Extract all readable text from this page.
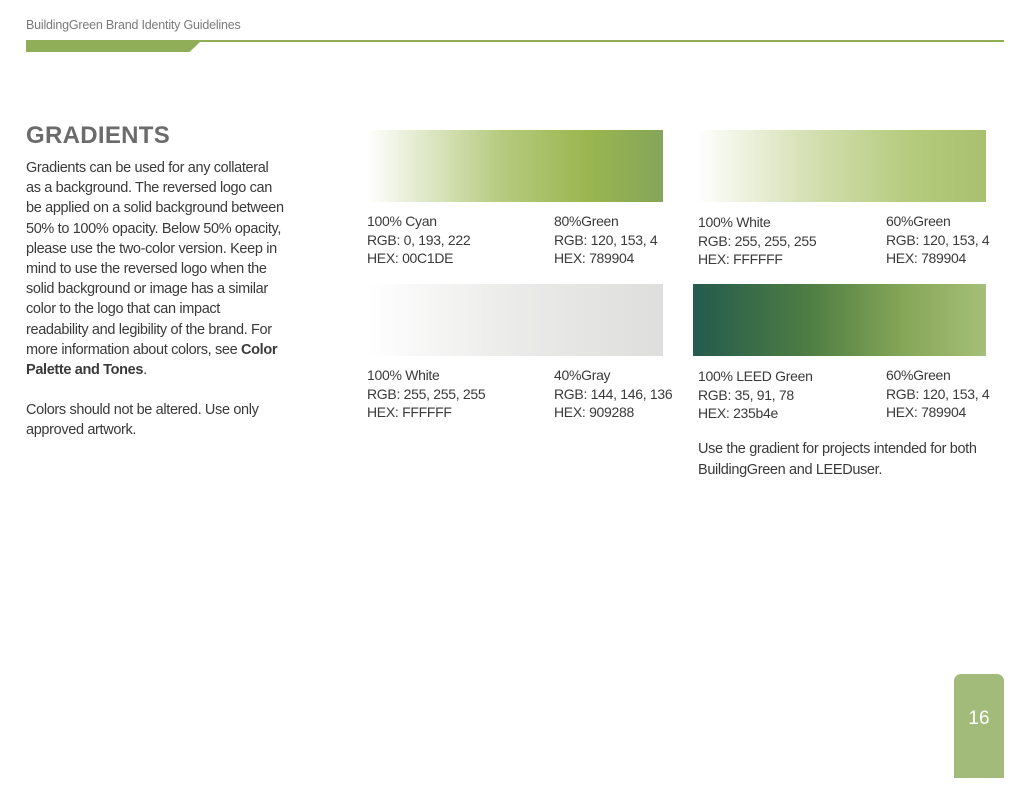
BuildingGreen Brand Identity Guidelines
GRADIENTS

Gradients can be used for any collateral as a background. The reversed logo can be applied on a solid background between 50% to 100% opacity. Below 50% opacity, please use the two-color version. Keep in mind to use the reversed logo when the solid background or image has a similar color to the logo that can impact readability and legibility of the brand. For more information about colors, see Color Palette and Tones.

Colors should not be altered. Use only approved artwork.

100% Cyan
RGB: 0, 193, 222
HEX: 00C1DE
80%Green
RGB: 120, 153, 4
HEX: 789904
100% White
RGB: 255, 255, 255
HEX: FFFFFF
60%Green
RGB: 120, 153, 4
HEX: 789904
100% White
RGB: 255, 255, 255
HEX: FFFFFF
40%Gray
RGB: 144, 146, 136
HEX: 909288
100% LEED Green
RGB: 35, 91, 78
HEX: 235b4e
60%Green
RGB: 120, 153, 4
HEX: 789904

Use the gradient for projects intended for both BuildingGreen and LEEDuser.

16
